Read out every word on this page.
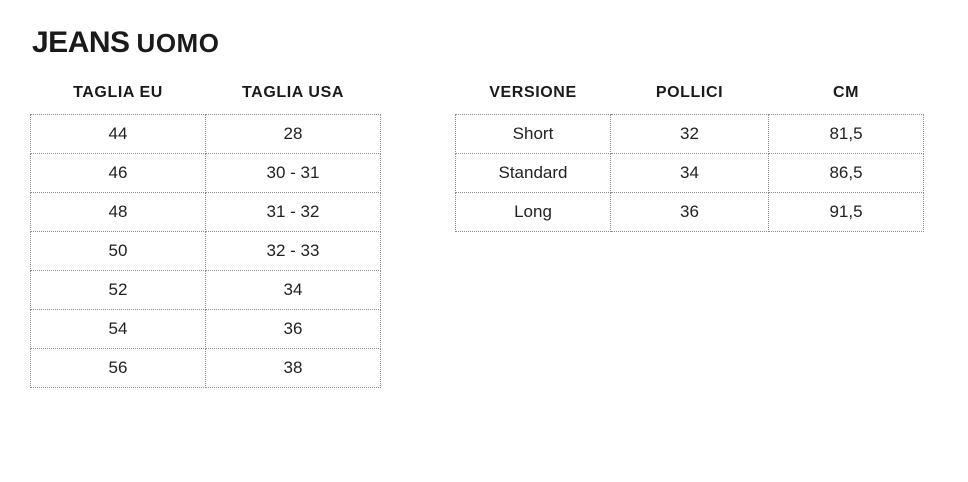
JEANS UOMO
TAGLIA EU	TAGLIA USA
44	28
46	30 - 31
48	31 - 32
50	32 - 33
52	34
54	36
56	38
VERSIONE	POLLICI	CM
Short	32	81,5
Standard	34	86,5
Long	36	91,5
